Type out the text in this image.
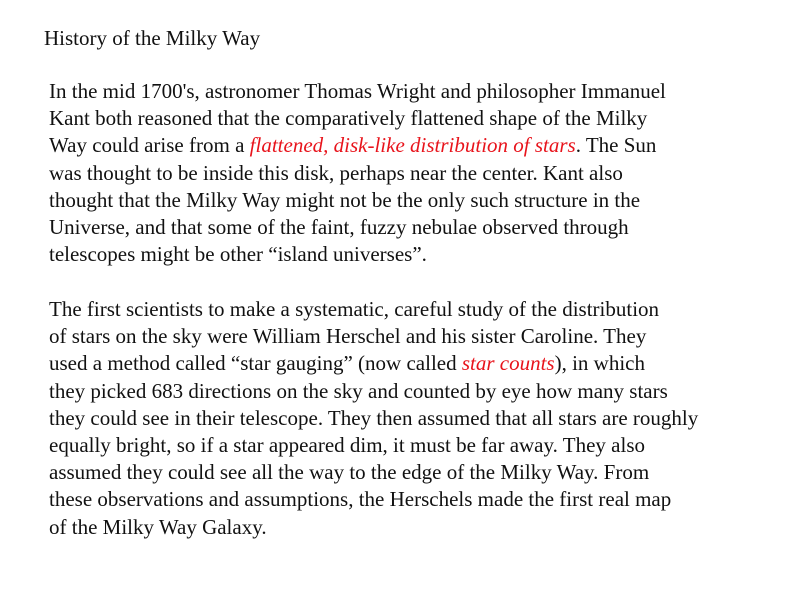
History of the Milky Way
In the mid 1700's, astronomer Thomas Wright and philosopher Immanuel
Kant both reasoned that the comparatively flattened shape of the Milky
Way could arise from a flattened, disk-like distribution of stars. The Sun
was thought to be inside this disk, perhaps near the center. Kant also
thought that the Milky Way might not be the only such structure in the
Universe, and that some of the faint, fuzzy nebulae observed through
telescopes might be other “island universes”.
The first scientists to make a systematic, careful study of the distribution
of stars on the sky were William Herschel and his sister Caroline. They
used a method called “star gauging” (now called star counts), in which
they picked 683 directions on the sky and counted by eye how many stars
they could see in their telescope. They then assumed that all stars are roughly
equally bright, so if a star appeared dim, it must be far away. They also
assumed they could see all the way to the edge of the Milky Way. From
these observations and assumptions, the Herschels made the first real map
of the Milky Way Galaxy.
